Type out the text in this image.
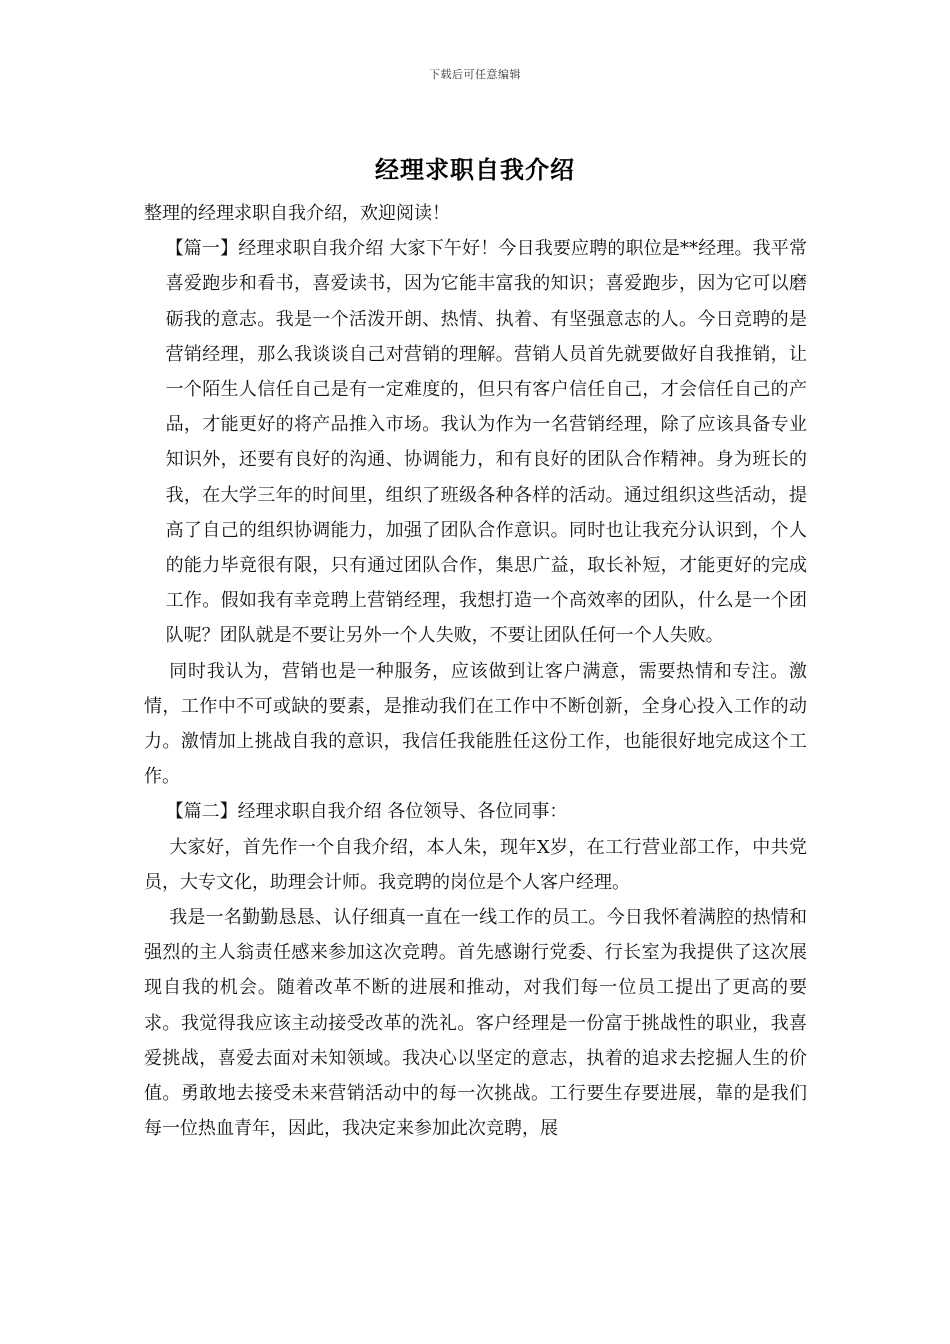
下载后可任意编辑
经理求职自我介绍

整理的经理求职自我介绍，欢迎阅读！

【篇一】经理求职自我介绍 大家下午好！今日我要应聘的职位是**经理。我平常喜爱跑步和看书，喜爱读书，因为它能丰富我的知识；喜爱跑步，因为它可以磨砺我的意志。我是一个活泼开朗、热情、执着、有坚强意志的人。今日竞聘的是营销经理，那么我谈谈自己对营销的理解。营销人员首先就要做好自我推销，让一个陌生人信任自己是有一定难度的，但只有客户信任自己，才会信任自己的产品，才能更好的将产品推入市场。我认为作为一名营销经理，除了应该具备专业知识外，还要有良好的沟通、协调能力，和有良好的团队合作精神。身为班长的我，在大学三年的时间里，组织了班级各种各样的活动。通过组织这些活动，提高了自己的组织协调能力，加强了团队合作意识。同时也让我充分认识到，个人的能力毕竟很有限，只有通过团队合作，集思广益，取长补短，才能更好的完成工作。假如我有幸竞聘上营销经理，我想打造一个高效率的团队，什么是一个团队呢？团队就是不要让另外一个人失败，不要让团队任何一个人失败。

同时我认为，营销也是一种服务，应该做到让客户满意，需要热情和专注。激情，工作中不可或缺的要素，是推动我们在工作中不断创新，全身心投入工作的动力。激情加上挑战自我的意识，我信任我能胜任这份工作，也能很好地完成这个工作。

【篇二】经理求职自我介绍 各位领导、各位同事：

大家好，首先作一个自我介绍，本人朱，现年X岁，在工行营业部工作，中共党员，大专文化，助理会计师。我竞聘的岗位是个人客户经理。

我是一名勤勤恳恳、认仔细真一直在一线工作的员工。今日我怀着满腔的热情和强烈的主人翁责任感来参加这次竞聘。首先感谢行党委、行长室为我提供了这次展现自我的机会。随着改革不断的进展和推动，对我们每一位员工提出了更高的要求。我觉得我应该主动接受改革的洗礼。客户经理是一份富于挑战性的职业，我喜爱挑战，喜爱去面对未知领域。我决心以坚定的意志，执着的追求去挖掘人生的价值。勇敢地去接受未来营销活动中的每一次挑战。工行要生存要进展，靠的是我们每一位热血青年，因此，我决定来参加此次竞聘，展
